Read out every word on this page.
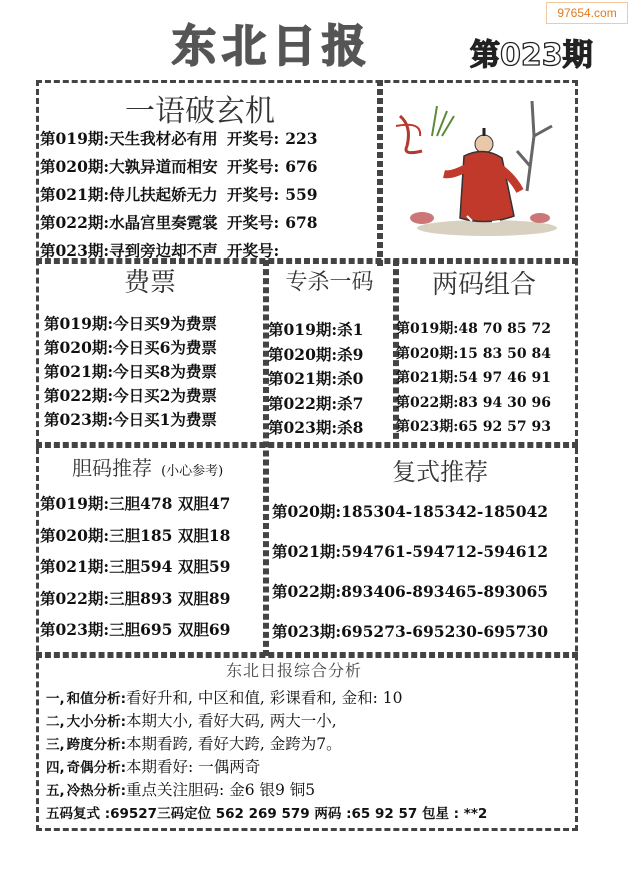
97654.com
东北日报	第023期
一语破玄机
第019期:天生我材必有用 开奖号: 223
第020期:大孰异道而相安 开奖号: 676
第021期:侍儿扶起娇无力 开奖号: 559
第022期:水晶宫里奏霓裳 开奖号: 678
第023期:寻到旁边却不声 开奖号:
费票
第019期:今日买9为费票
第020期:今日买6为费票
第021期:今日买8为费票
第022期:今日买2为费票
第023期:今日买1为费票
专杀一码
第019期:杀1
第020期:杀9
第021期:杀0
第022期:杀7
第023期:杀8
两码组合
第019期:48 70 85 72
第020期:15 83 50 84
第021期:54 97 46 91
第022期:83 94 30 96
第023期:65 92 57 93
胆码推荐 (小心参考)
第019期:三胆478 双胆47
第020期:三胆185 双胆18
第021期:三胆594 双胆59
第022期:三胆893 双胆89
第023期:三胆695 双胆69
复式推荐
第020期:185304-185342-185042
第021期:594761-594712-594612
第022期:893406-893465-893065
第023期:695273-695230-695730
东北日报综合分析
一, 和值分析:看好升和, 中区和值, 彩课看和, 金和: 10
二, 大小分析:本期大小, 看好大码, 两大一小,
三, 跨度分析:本期看跨, 看好大跨, 金跨为7。
四, 奇偶分析:本期看好: 一偶两奇
五, 冷热分析:重点关注胆码: 金6 银9 铜5
五码复式 :69527三码定位 562 269 579 两码 :65 92 57 包星 : **2
